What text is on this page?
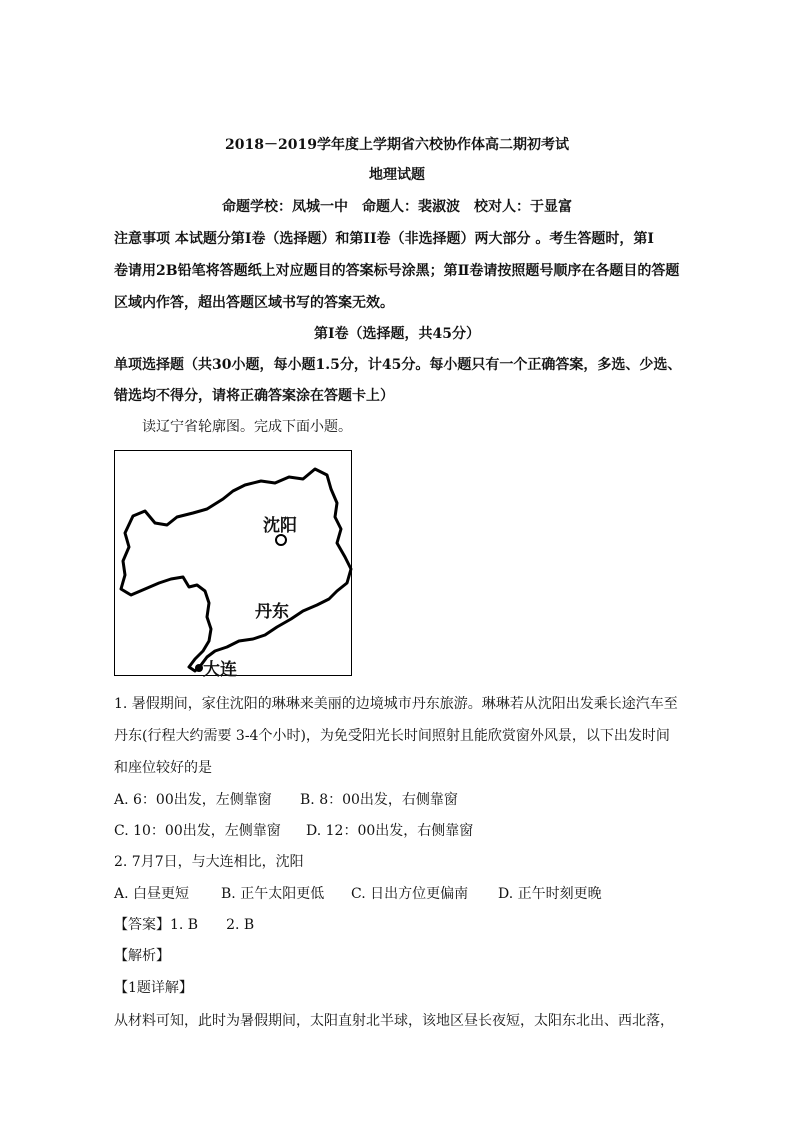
2018－2019学年度上学期省六校协作体高二期初考试
地理试题
命题学校：凤城一中　命题人：裴淑波　校对人：于显富
注意事项 本试题分第Ⅰ卷（选择题）和第II卷（非选择题）两大部分 。考生答题时，第Ⅰ
卷请用2B铅笔将答题纸上对应题目的答案标号涂黑；第Ⅱ卷请按照题号顺序在各题目的答题
区域内作答，超出答题区域书写的答案无效。
第Ⅰ卷（选择题，共45分）
单项选择题（共30小题，每小题1.5分，计45分。每小题只有一个正确答案，多选、少选、
错选均不得分，请将正确答案涂在答题卡上）
读辽宁省轮廓图。完成下面小题。
沈阳
丹东
大连
1. 暑假期间，家住沈阳的琳琳来美丽的边境城市丹东旅游。琳琳若从沈阳出发乘长途汽车至
丹东(行程大约需要 3-4个小时)，为免受阳光长时间照射且能欣赏窗外风景，以下出发时间
和座位较好的是
A. 6：00出发，左侧靠窗 B. 8：00出发，右侧靠窗
C. 10：00出发，左侧靠窗 D. 12：00出发，右侧靠窗
2. 7月7日，与大连相比，沈阳
A. 白昼更短 B. 正午太阳更低 C. 日出方位更偏南 D. 正午时刻更晚
【答案】1. B　　2. B
【解析】
【1题详解】
从材料可知，此时为暑假期间，太阳直射北半球，该地区昼长夜短，太阳东北出、西北落，
